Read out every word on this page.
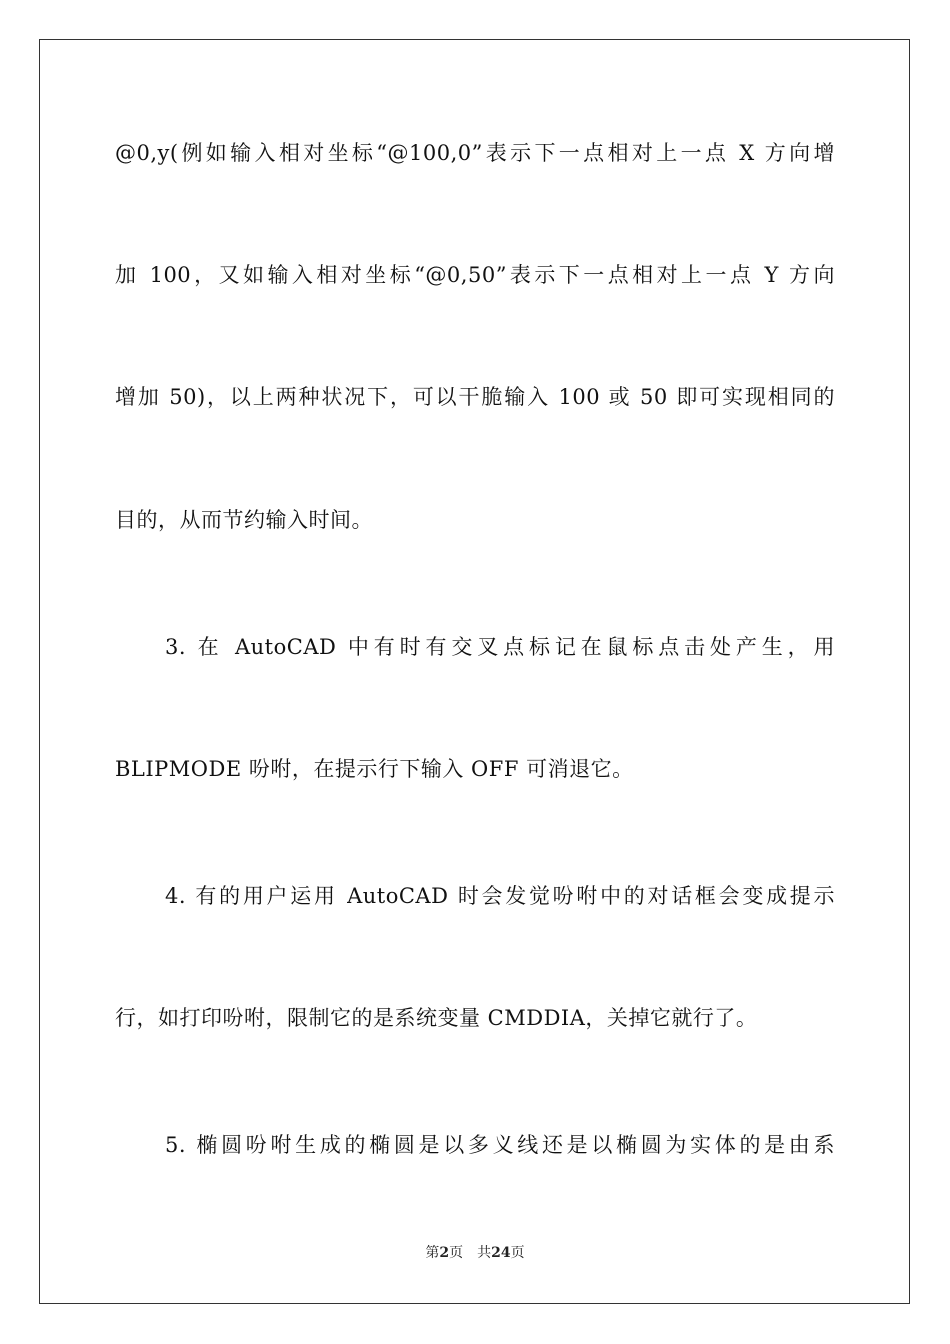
@0,y(例如输入相对坐标“@100,0”表示下一点相对上一点 X 方向增
加 100，又如输入相对坐标“@0,50”表示下一点相对上一点 Y 方向
增加 50)，以上两种状况下，可以干脆输入 100 或 50 即可实现相同的
目的，从而节约输入时间。
3. 在 AutoCAD 中有时有交叉点标记在鼠标点击处产生，用
BLIPMODE 吩咐，在提示行下输入 OFF 可消退它。
4. 有的用户运用 AutoCAD 时会发觉吩咐中的对话框会变成提示
行，如打印吩咐，限制它的是系统变量 CMDDIA，关掉它就行了。
5. 椭圆吩咐生成的椭圆是以多义线还是以椭圆为实体的是由系
第2页 共24页
